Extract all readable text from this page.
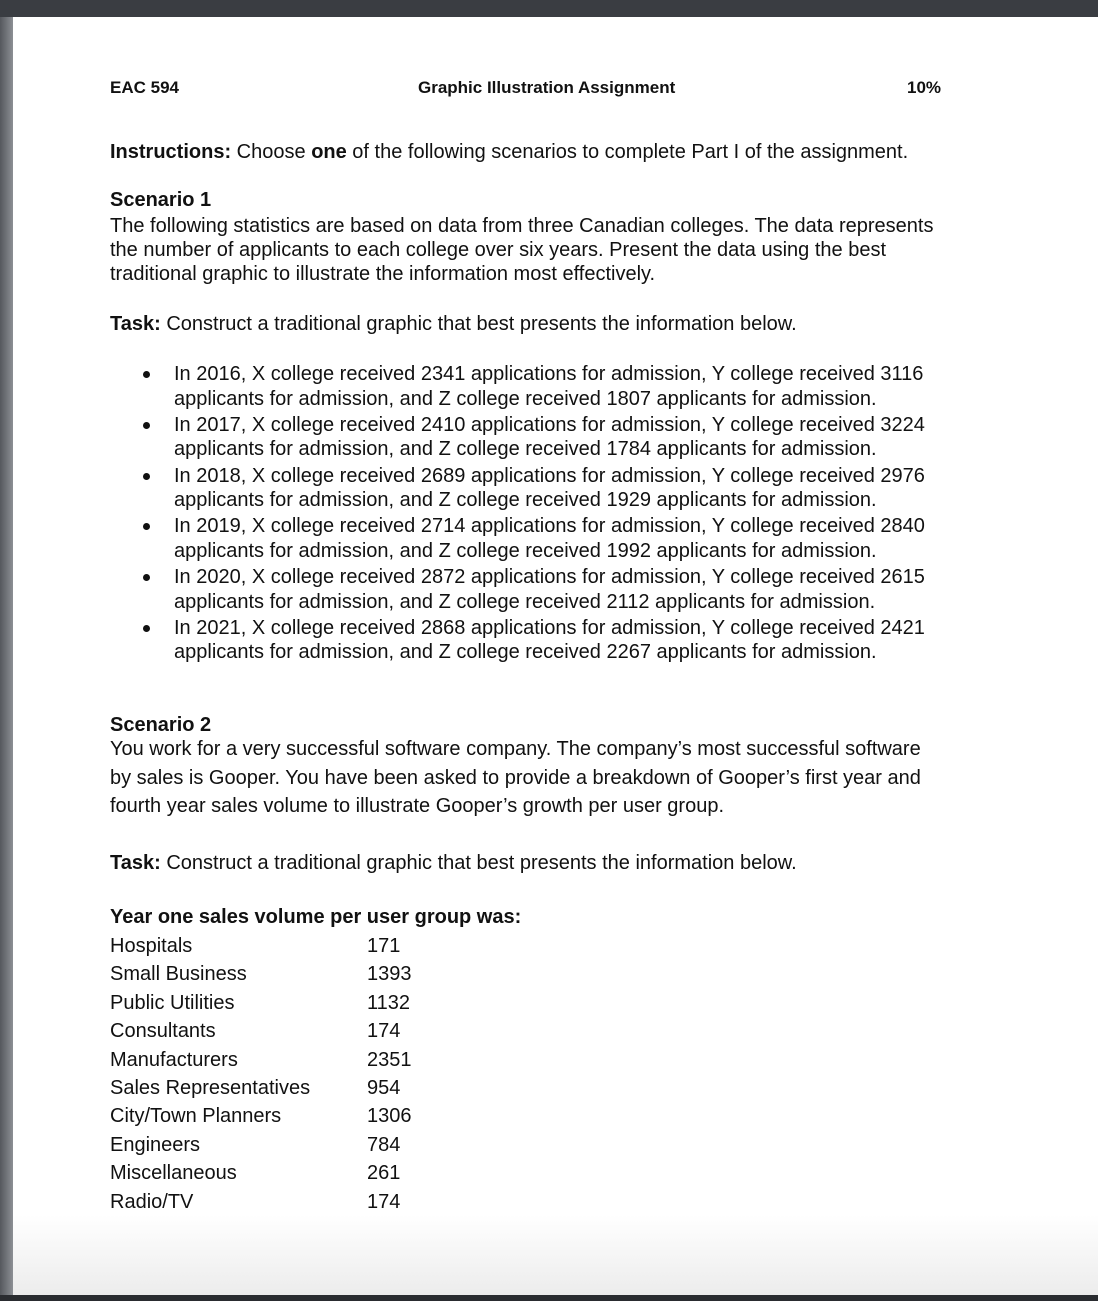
EAC 594	Graphic Illustration Assignment	10%
Instructions: Choose one of the following scenarios to complete Part I of the assignment.
Scenario 1
The following statistics are based on data from three Canadian colleges. The data represents
the number of applicants to each college over six years. Present the data using the best
traditional graphic to illustrate the information most effectively.
Task: Construct a traditional graphic that best presents the information below.
In 2016, X college received 2341 applications for admission, Y college received 3116
applicants for admission, and Z college received 1807 applicants for admission.
In 2017, X college received 2410 applications for admission, Y college received 3224
applicants for admission, and Z college received 1784 applicants for admission.
In 2018, X college received 2689 applications for admission, Y college received 2976
applicants for admission, and Z college received 1929 applicants for admission.
In 2019, X college received 2714 applications for admission, Y college received 2840
applicants for admission, and Z college received 1992 applicants for admission.
In 2020, X college received 2872 applications for admission, Y college received 2615
applicants for admission, and Z college received 2112 applicants for admission.
In 2021, X college received 2868 applications for admission, Y college received 2421
applicants for admission, and Z college received 2267 applicants for admission.
Scenario 2
You work for a very successful software company. The company’s most successful software
by sales is Gooper. You have been asked to provide a breakdown of Gooper’s first year and
fourth year sales volume to illustrate Gooper’s growth per user group.
Task: Construct a traditional graphic that best presents the information below.
Year one sales volume per user group was:
Hospitals	171
Small Business	1393
Public Utilities	1132
Consultants	174
Manufacturers	2351
Sales Representatives	954
City/Town Planners	1306
Engineers	784
Miscellaneous	261
Radio/TV	174
